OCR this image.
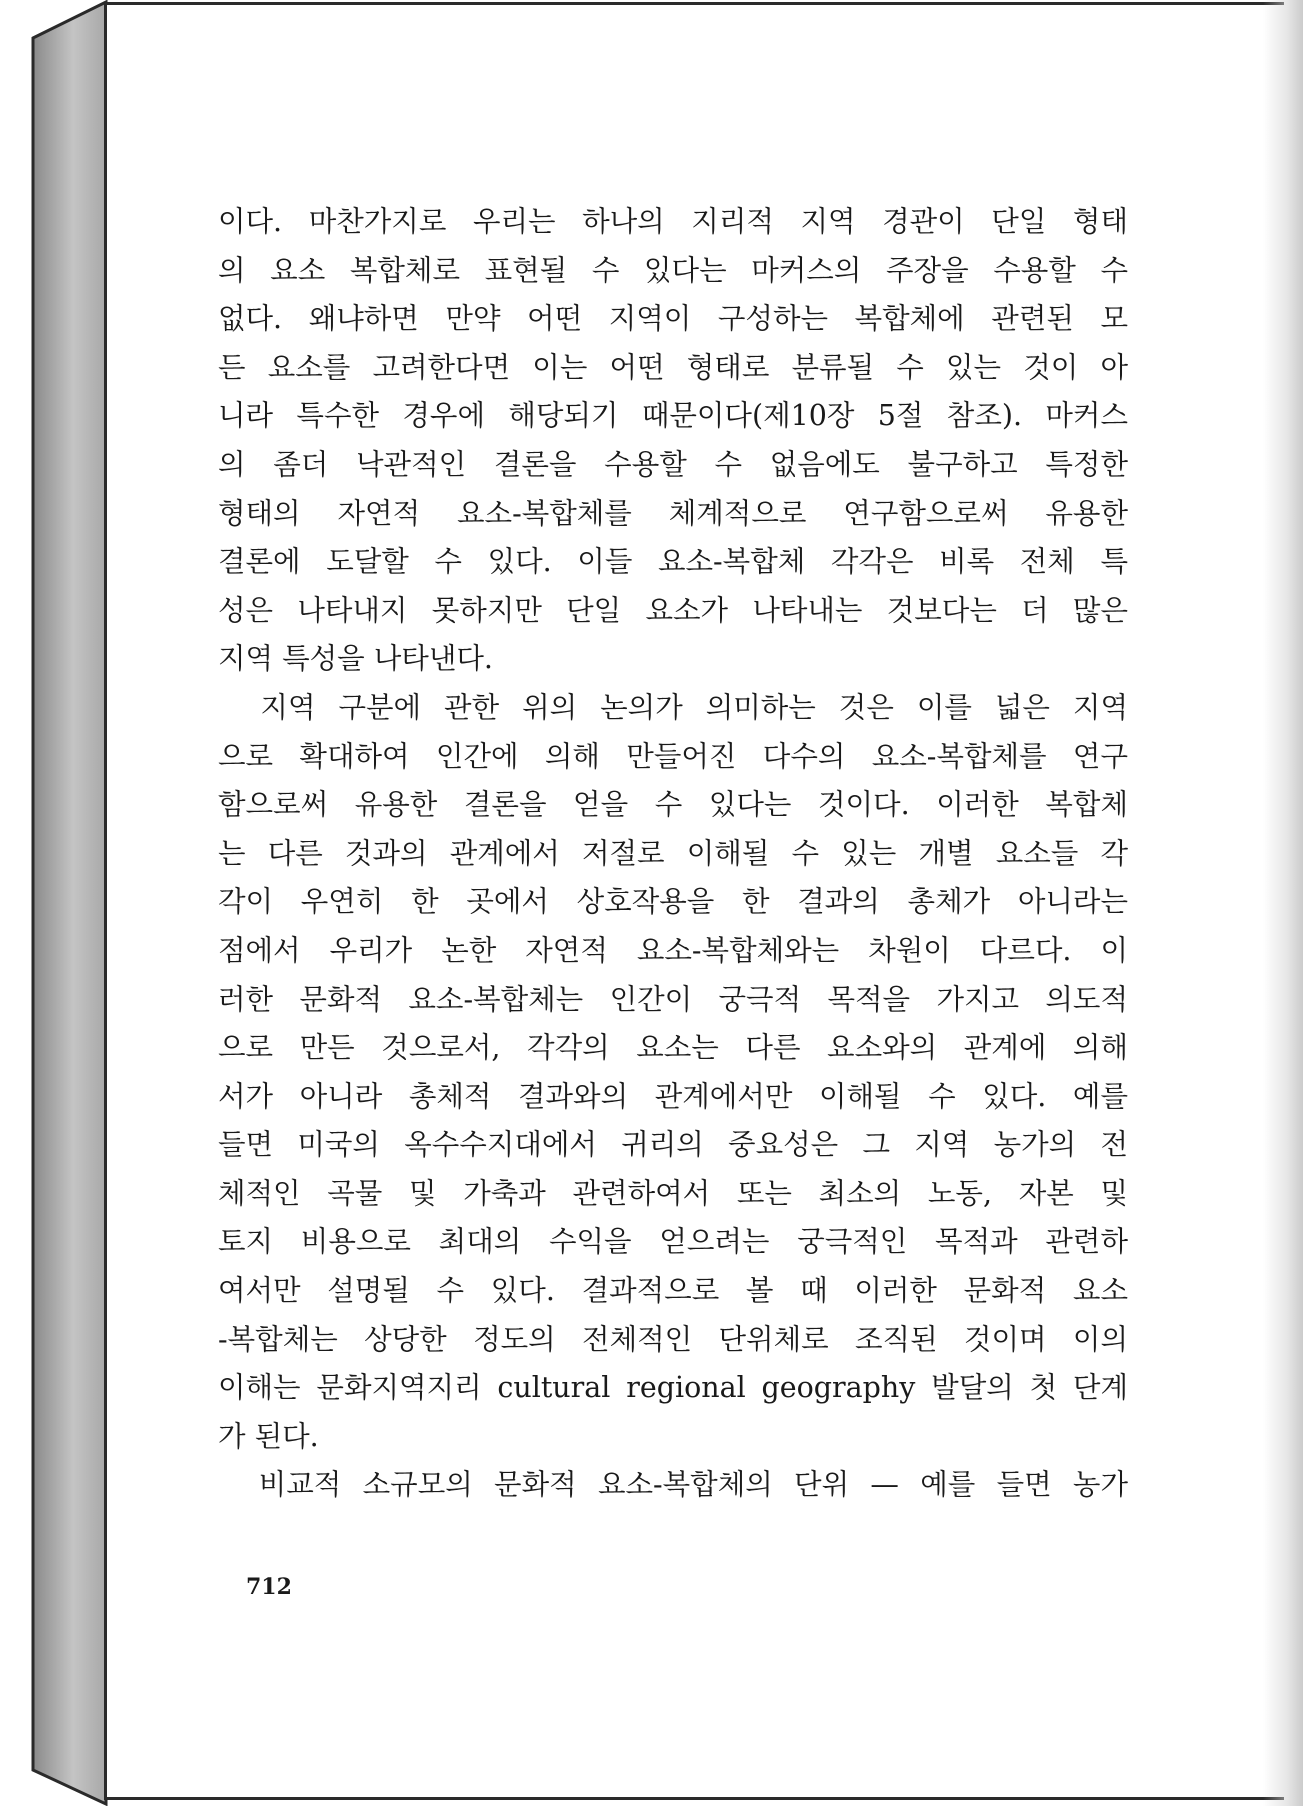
이다. 마찬가지로 우리는 하나의 지리적 지역 경관이 단일 형태
의 요소 복합체로 표현될 수 있다는 마커스의 주장을 수용할 수
없다. 왜냐하면 만약 어떤 지역이 구성하는 복합체에 관련된 모
든 요소를 고려한다면 이는 어떤 형태로 분류될 수 있는 것이 아
니라 특수한 경우에 해당되기 때문이다(제10장 5절 참조). 마커스
의 좀더 낙관적인 결론을 수용할 수 없음에도 불구하고 특정한
형태의 자연적 요소-복합체를 체계적으로 연구함으로써 유용한
결론에 도달할 수 있다. 이들 요소-복합체 각각은 비록 전체 특
성은 나타내지 못하지만 단일 요소가 나타내는 것보다는 더 많은
지역 특성을 나타낸다.
　지역 구분에 관한 위의 논의가 의미하는 것은 이를 넓은 지역
으로 확대하여 인간에 의해 만들어진 다수의 요소-복합체를 연구
함으로써 유용한 결론을 얻을 수 있다는 것이다. 이러한 복합체
는 다른 것과의 관계에서 저절로 이해될 수 있는 개별 요소들 각
각이 우연히 한 곳에서 상호작용을 한 결과의 총체가 아니라는
점에서 우리가 논한 자연적 요소-복합체와는 차원이 다르다. 이
러한 문화적 요소-복합체는 인간이 궁극적 목적을 가지고 의도적
으로 만든 것으로서, 각각의 요소는 다른 요소와의 관계에 의해
서가 아니라 총체적 결과와의 관계에서만 이해될 수 있다. 예를
들면 미국의 옥수수지대에서 귀리의 중요성은 그 지역 농가의 전
체적인 곡물 및 가축과 관련하여서 또는 최소의 노동, 자본 및
토지 비용으로 최대의 수익을 얻으려는 궁극적인 목적과 관련하
여서만 설명될 수 있다. 결과적으로 볼 때 이러한 문화적 요소
-복합체는 상당한 정도의 전체적인 단위체로 조직된 것이며 이의
이해는 문화지역지리 cultural regional geography 발달의 첫 단계
가 된다.
　비교적 소규모의 문화적 요소-복합체의 단위 — 예를 들면 농가
712
